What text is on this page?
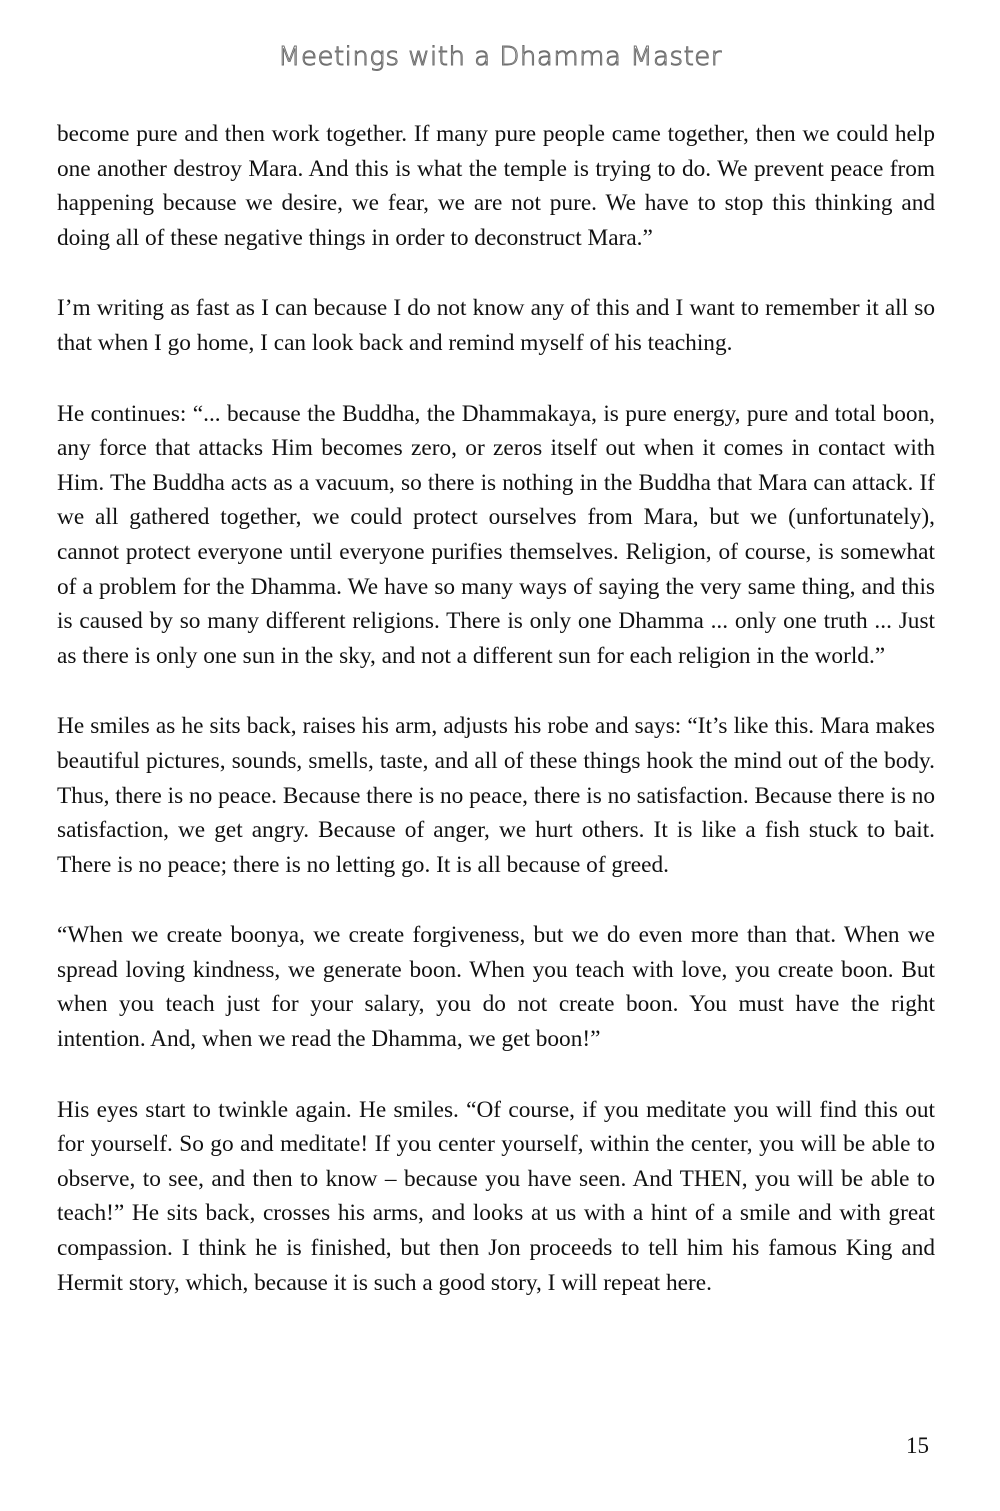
Meetings with a Dhamma Master

become pure and then work together. If many pure people came together, then we could help one another destroy Mara. And this is what the temple is trying to do. We prevent peace from happening because we desire, we fear, we are not pure. We have to stop this thinking and doing all of these negative things in order to deconstruct Mara.”

I’m writing as fast as I can because I do not know any of this and I want to remember it all so that when I go home, I can look back and remind myself of his teaching.

He continues: “... because the Buddha, the Dhammakaya, is pure energy, pure and total boon, any force that attacks Him becomes zero, or zeros itself out when it comes in contact with Him. The Buddha acts as a vacuum, so there is nothing in the Buddha that Mara can attack. If we all gathered together, we could protect ourselves from Mara, but we (unfortunately), cannot protect everyone until everyone purifies themselves. Religion, of course, is somewhat of a problem for the Dhamma. We have so many ways of saying the very same thing, and this is caused by so many different religions. There is only one Dhamma ... only one truth ... Just as there is only one sun in the sky, and not a different sun for each religion in the world.”

He smiles as he sits back, raises his arm, adjusts his robe and says: “It’s like this. Mara makes beautiful pictures, sounds, smells, taste, and all of these things hook the mind out of the body. Thus, there is no peace. Because there is no peace, there is no satisfaction. Because there is no satisfaction, we get angry. Because of anger, we hurt others. It is like a fish stuck to bait. There is no peace; there is no letting go. It is all because of greed.

“When we create boonya, we create forgiveness, but we do even more than that. When we spread loving kindness, we generate boon. When you teach with love, you create boon. But when you teach just for your salary, you do not create boon. You must have the right intention. And, when we read the Dhamma, we get boon!”

His eyes start to twinkle again. He smiles. “Of course, if you meditate you will find this out for yourself. So go and meditate! If you center yourself, within the center, you will be able to observe, to see, and then to know – because you have seen. And THEN, you will be able to teach!” He sits back, crosses his arms, and looks at us with a hint of a smile and with great compassion. I think he is finished, but then Jon proceeds to tell him his famous King and Hermit story, which, because it is such a good story, I will repeat here.

15
